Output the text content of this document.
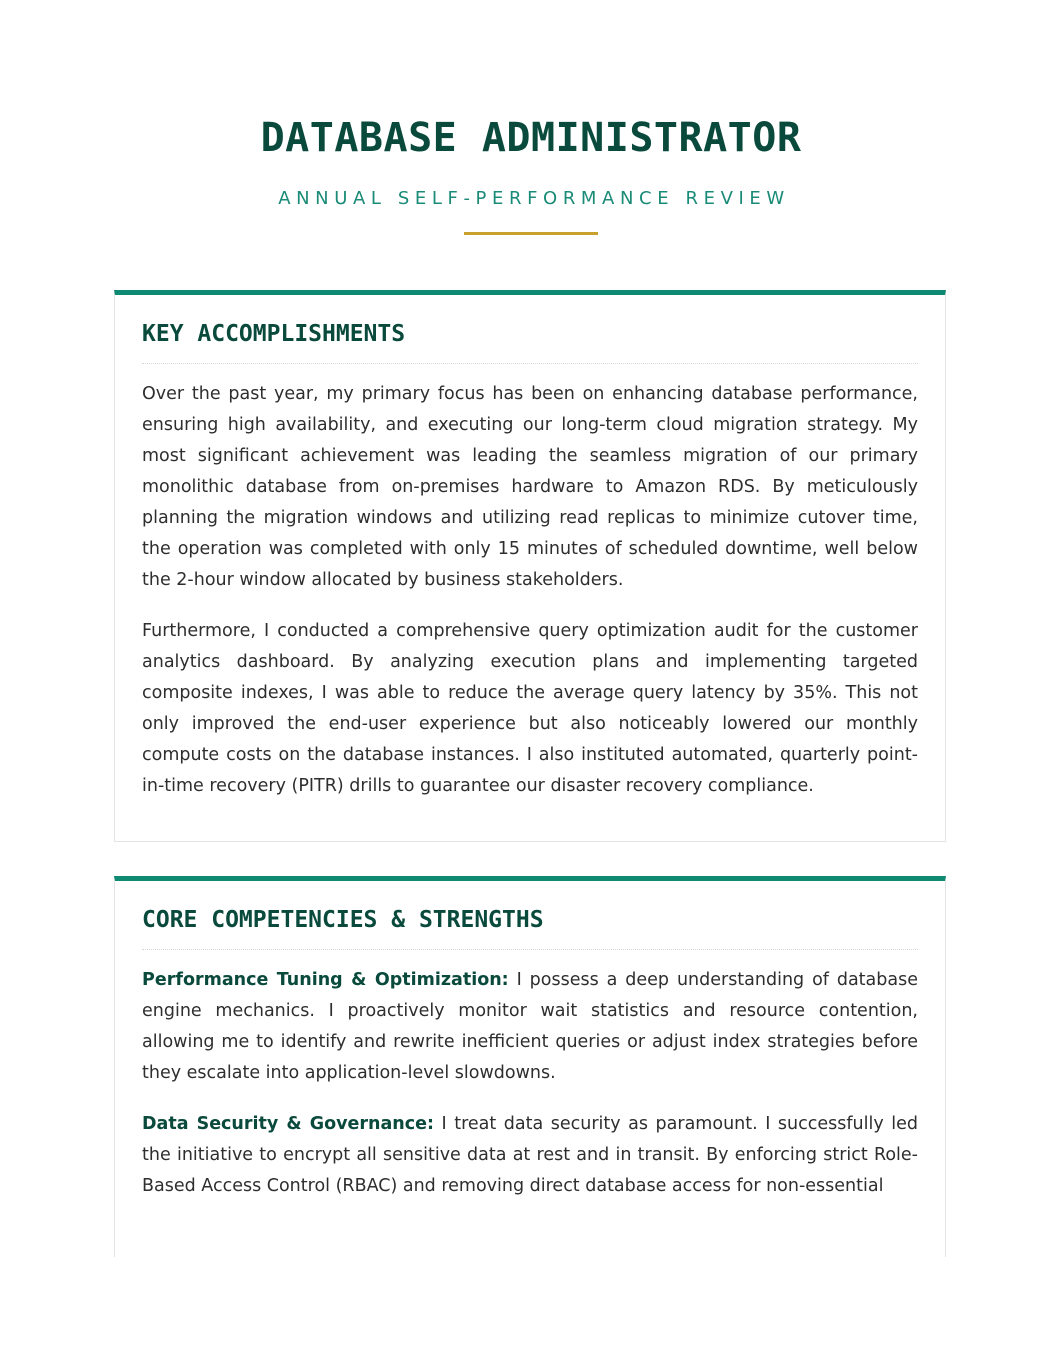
DATABASE ADMINISTRATOR
ANNUAL SELF-PERFORMANCE REVIEW
KEY ACCOMPLISHMENTS

Over the past year, my primary focus has been on enhancing database performance, ensuring high availability, and executing our long-term cloud migration strategy. My most significant achievement was leading the seamless migration of our primary monolithic database from on-premises hardware to Amazon RDS. By meticulously planning the migration windows and utilizing read replicas to minimize cutover time, the operation was completed with only 15 minutes of scheduled downtime, well below the 2-hour window allocated by business stakeholders.

Furthermore, I conducted a comprehensive query optimization audit for the customer analytics dashboard. By analyzing execution plans and implementing targeted composite indexes, I was able to reduce the average query latency by 35%. This not only improved the end-user experience but also noticeably lowered our monthly compute costs on the database instances. I also instituted automated, quarterly point-in-time recovery (PITR) drills to guarantee our disaster recovery compliance.

CORE COMPETENCIES & STRENGTHS

Performance Tuning & Optimization: I possess a deep understanding of database engine mechanics. I proactively monitor wait statistics and resource contention, allowing me to identify and rewrite inefficient queries or adjust index strategies before they escalate into application-level slowdowns.

Data Security & Governance: I treat data security as paramount. I successfully led the initiative to encrypt all sensitive data at rest and in transit. By enforcing strict Role-Based Access Control (RBAC) and removing direct database access for non-essential
